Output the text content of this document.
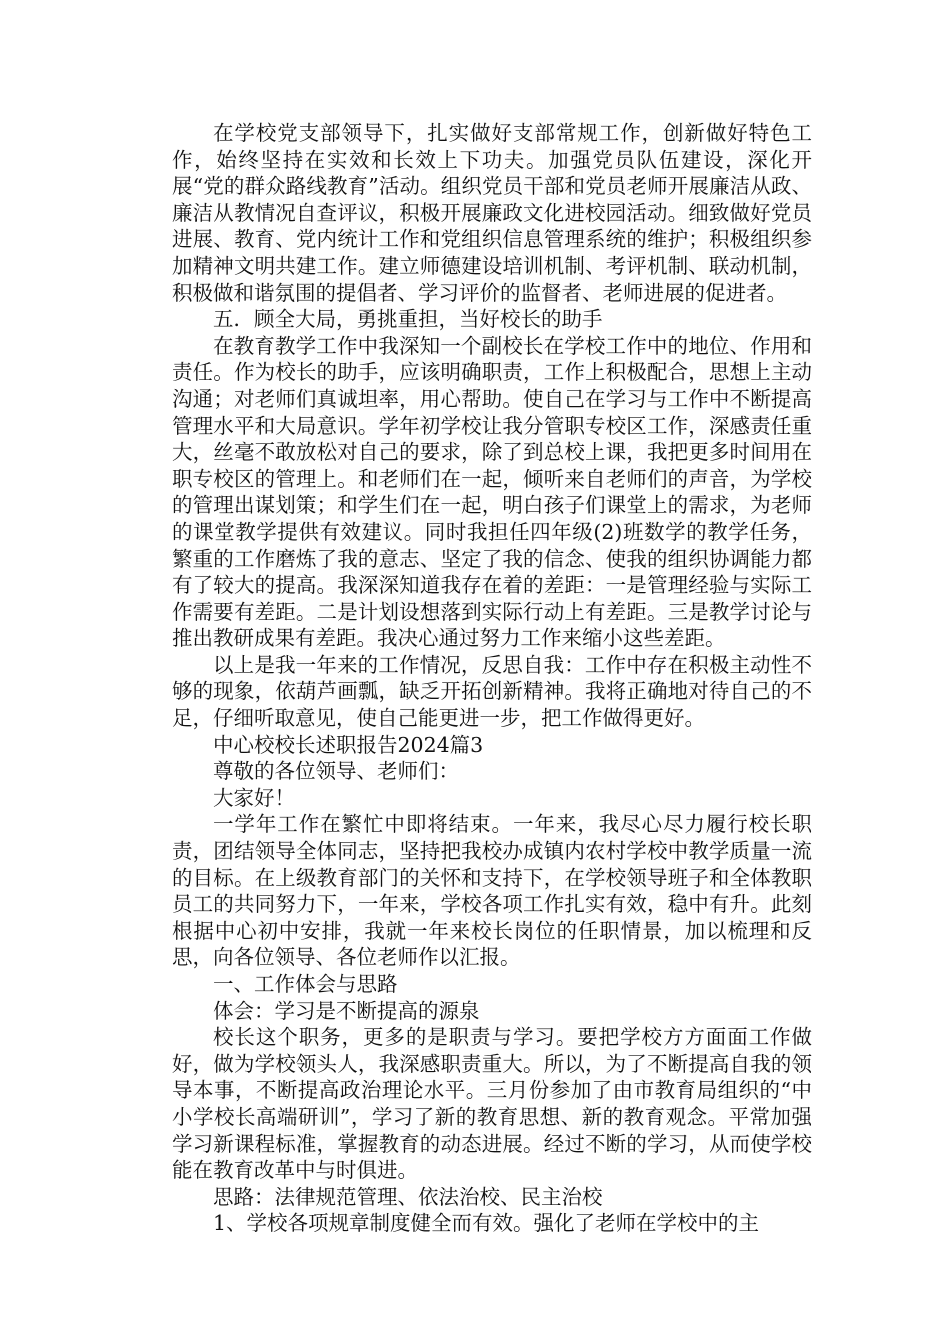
在学校党支部领导下，扎实做好支部常规工作，创新做好特色工作，始终坚持在实效和长效上下功夫。加强党员队伍建设，深化开展“党的群众路线教育”活动。组织党员干部和党员老师开展廉洁从政、廉洁从教情况自查评议，积极开展廉政文化进校园活动。细致做好党员进展、教育、党内统计工作和党组织信息管理系统的维护；积极组织参加精神文明共建工作。建立师德建设培训机制、考评机制、联动机制，积极做和谐氛围的提倡者、学习评价的监督者、老师进展的促进者。

五．顾全大局，勇挑重担，当好校长的助手

在教育教学工作中我深知一个副校长在学校工作中的地位、作用和责任。作为校长的助手，应该明确职责，工作上积极配合，思想上主动沟通；对老师们真诚坦率，用心帮助。使自己在学习与工作中不断提高管理水平和大局意识。学年初学校让我分管职专校区工作，深感责任重大，丝毫不敢放松对自己的要求，除了到总校上课，我把更多时间用在职专校区的管理上。和老师们在一起，倾听来自老师们的声音，为学校的管理出谋划策；和学生们在一起，明白孩子们课堂上的需求，为老师的课堂教学提供有效建议。同时我担任四年级(2)班数学的教学任务，繁重的工作磨炼了我的意志、坚定了我的信念、使我的组织协调能力都有了较大的提高。我深深知道我存在着的差距：一是管理经验与实际工作需要有差距。二是计划设想落到实际行动上有差距。三是教学讨论与推出教研成果有差距。我决心通过努力工作来缩小这些差距。

以上是我一年来的工作情况，反思自我：工作中存在积极主动性不够的现象，依葫芦画瓢，缺乏开拓创新精神。我将正确地对待自己的不足，仔细听取意见，使自己能更进一步，把工作做得更好。

中心校校长述职报告2024篇3

尊敬的各位领导、老师们：

大家好！

一学年工作在繁忙中即将结束。一年来，我尽心尽力履行校长职责，团结领导全体同志，坚持把我校办成镇内农村学校中教学质量一流的目标。在上级教育部门的关怀和支持下，在学校领导班子和全体教职员工的共同努力下，一年来，学校各项工作扎实有效，稳中有升。此刻根据中心初中安排，我就一年来校长岗位的任职情景，加以梳理和反思，向各位领导、各位老师作以汇报。

一、工作体会与思路

体会：学习是不断提高的源泉

校长这个职务，更多的是职责与学习。要把学校方方面面工作做好，做为学校领头人，我深感职责重大。所以，为了不断提高自我的领导本事，不断提高政治理论水平。三月份参加了由市教育局组织的“中小学校长高端研训”，学习了新的教育思想、新的教育观念。平常加强学习新课程标准，掌握教育的动态进展。经过不断的学习，从而使学校能在教育改革中与时俱进。

思路：法律规范管理、依法治校、民主治校

1、学校各项规章制度健全而有效。强化了老师在学校中的主
